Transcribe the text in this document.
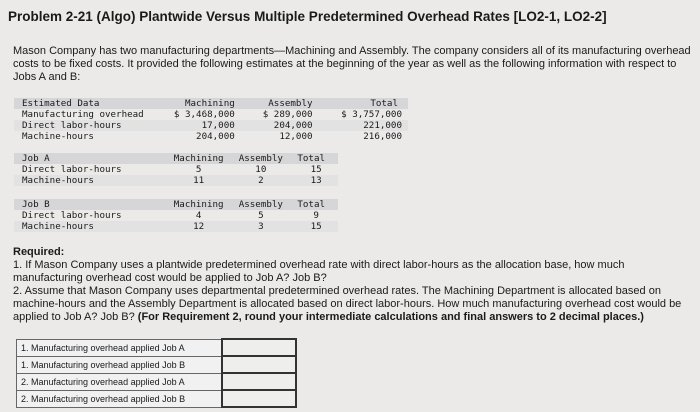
Problem 2-21 (Algo) Plantwide Versus Multiple Predetermined Overhead Rates [LO2-1, LO2-2]
Mason Company has two manufacturing departments—Machining and Assembly. The company considers all of its manufacturing overhead costs to be fixed costs. It provided the following estimates at the beginning of the year as well as the following information with respect to Jobs A and B:
Estimated Data	Machining	Assembly	Total
Manufacturing overhead	$ 3,468,000	$ 289,000	$ 3,757,000
Direct labor-hours	17,000	204,000	221,000
Machine-hours	204,000	12,000	216,000
Job A	Machining	Assembly	Total
Direct labor-hours	5	10	15
Machine-hours	11	2	13
Job B	Machining	Assembly	Total
Direct labor-hours	4	5	9
Machine-hours	12	3	15
Required:
1. If Mason Company uses a plantwide predetermined overhead rate with direct labor-hours as the allocation base, how much manufacturing overhead cost would be applied to Job A? Job B?
2. Assume that Mason Company uses departmental predetermined overhead rates. The Machining Department is allocated based on machine-hours and the Assembly Department is allocated based on direct labor-hours. How much manufacturing overhead cost would be applied to Job A? Job B? (For Requirement 2, round your intermediate calculations and final answers to 2 decimal places.)
1. Manufacturing overhead applied Job A	
1. Manufacturing overhead applied Job B	
2. Manufacturing overhead applied Job A	
2. Manufacturing overhead applied Job B	
